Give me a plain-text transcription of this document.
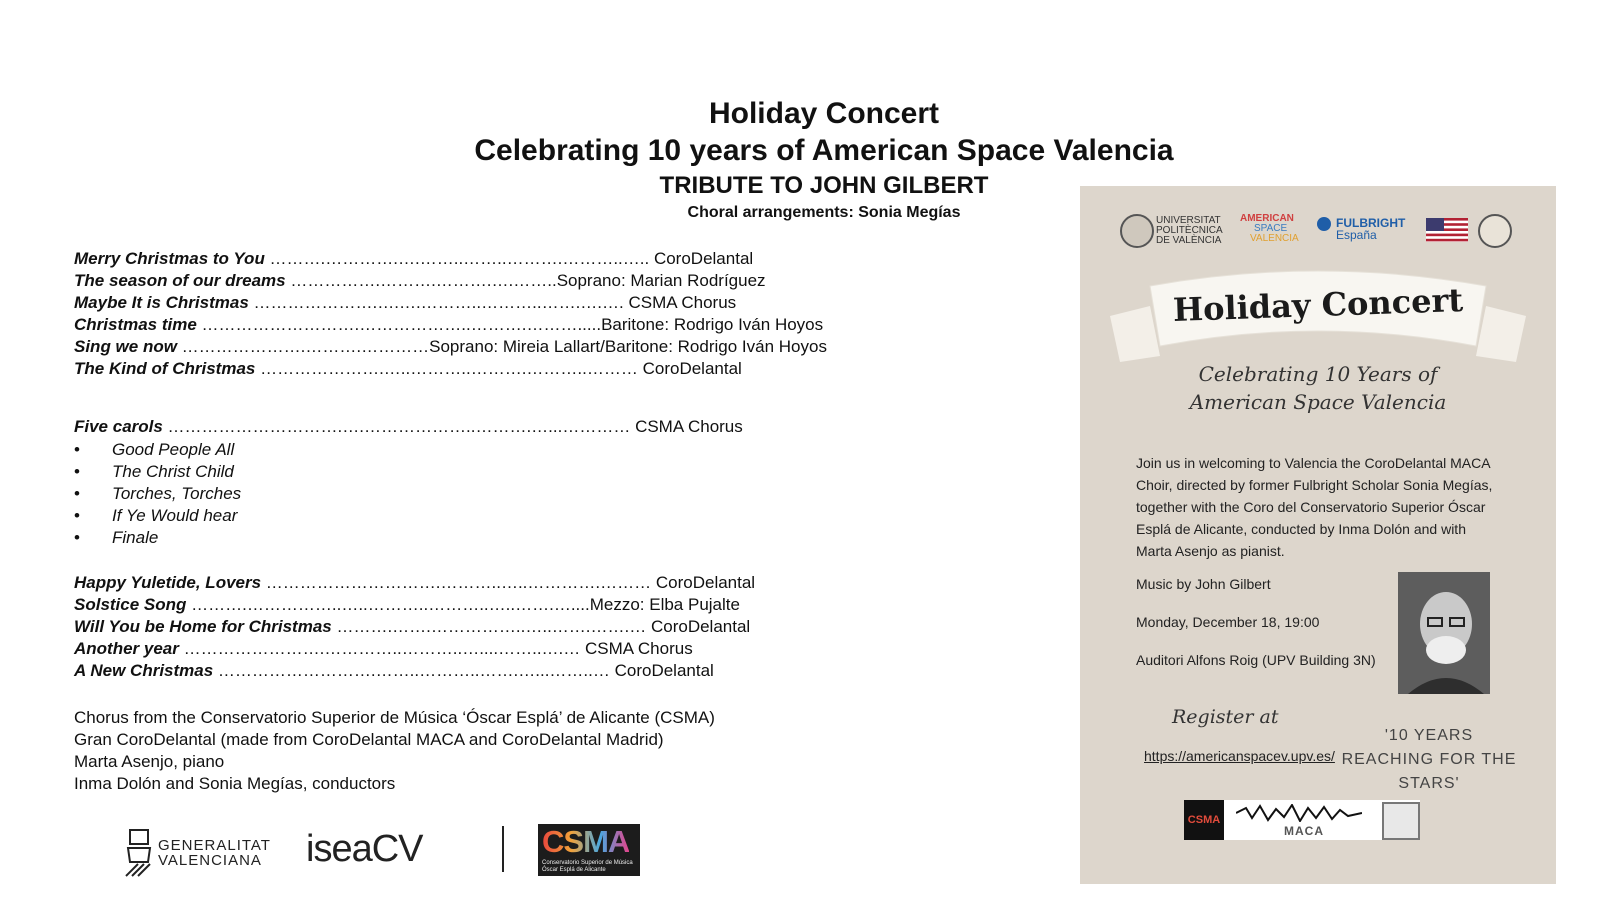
Holiday Concert
Celebrating 10 years of American Space Valencia
TRIBUTE TO JOHN GILBERT
Choral arrangements: Sonia Megías
Merry Christmas to You ……….………….….……..……..……….………..….. CoroDelantal
The season of our dreams …………….……….……….….……..Soprano: Marian Rodríguez
Maybe It is Christmas ………………….….….………..………..…….….…. CSMA Chorus
Christmas time ……………………….………………..……….……….....Baritone: Rodrigo Iván Hoyos
Sing we now ………………….……….…………Soprano: Mireia Lallart/Baritone: Rodrigo Iván Hoyos
The Kind of Christmas ………………….…..………..……….………..……… CoroDelantal
Five carols ………………………….….………………..……….…...………… CSMA Chorus
• Good People All
• The Christ Child
• Torches, Torches
• If Ye Would hear
• Finale
Happy Yuletide, Lovers ………………………….………..…..………….……… CoroDelantal
Solstice Song ……….……………..…..………..………..…..…….…....Mezzo: Elba Pujalte
Will You be Home for Christmas ……….…….……………..…..…….…….… CoroDelantal
Another year …………………….…………..………..…....……..….… CSMA Chorus
A New Christmas ……………………….……..………..…….…...……..… CoroDelantal
Chorus from the Conservatorio Superior de Música ‘Óscar Esplá’ de Alicante (CSMA)
Gran CoroDelantal (made from CoroDelantal MACA and CoroDelantal Madrid)
Marta Asenjo, piano
Inma Dolón and Sonia Megías, conductors
GENERALITAT
VALENCIANA iseaCV	CSMA
Conservatorio Superior de Música Óscar Esplá de Alicante
UNIVERSITAT POLITÈCNICA DE VALÈNCIA
AMERICAN
SPACE
VALENCIA
FULBRIGHT
España
Holiday Concert
Celebrating 10 Years of
American Space Valencia
Join us in welcoming to Valencia the CoroDelantal MACA Choir, directed by former Fulbright Scholar Sonia Megías, together with the Coro del Conservatorio Superior Óscar Esplá de Alicante, conducted by Inma Dolón and with Marta Asenjo as pianist.
Music by John Gilbert
Monday, December 18, 19:00
Auditori Alfons Roig (UPV Building 3N)
Register at
https://americanspacev.upv.es/
'10 YEARS REACHING FOR THE STARS'
CSMA
MACA
